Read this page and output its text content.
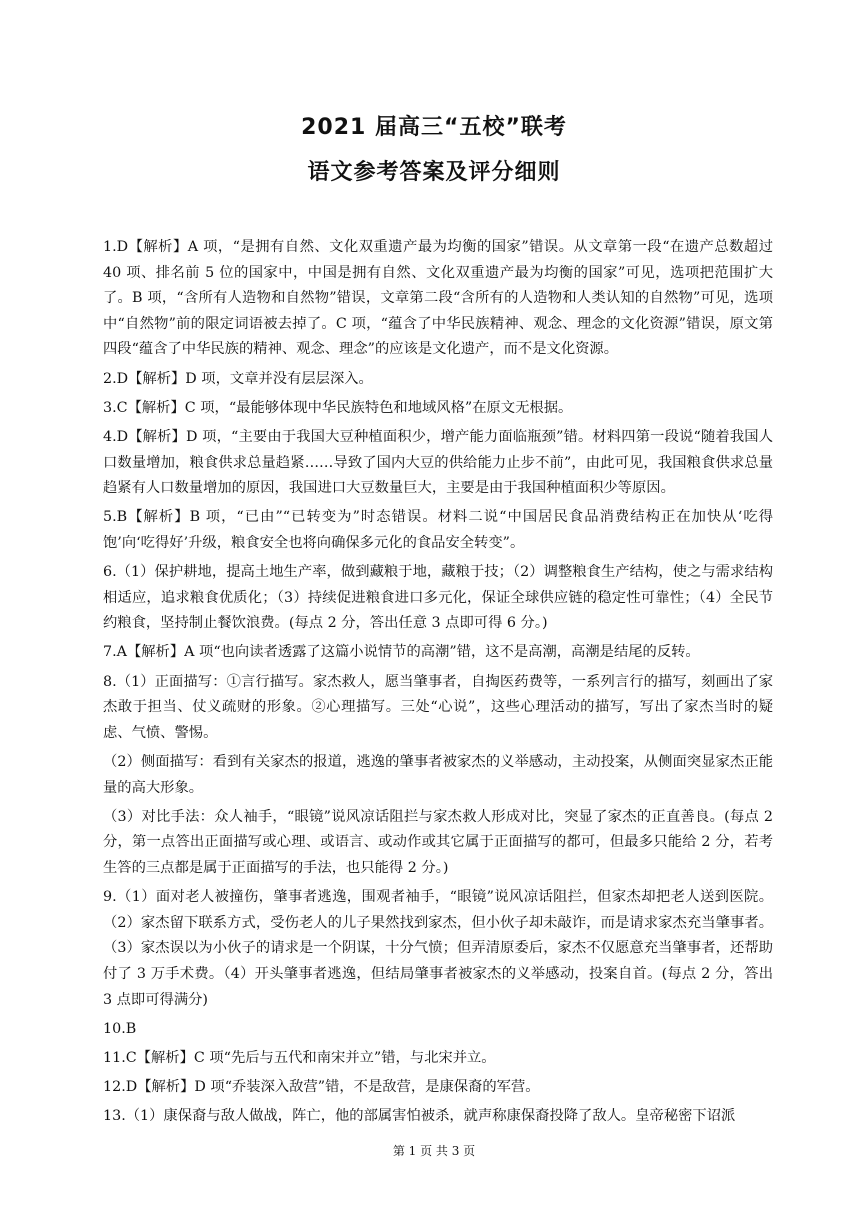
2021 届高三“五校”联考
语文参考答案及评分细则

1.D【解析】A 项，“是拥有自然、文化双重遗产最为均衡的国家”错误。从文章第一段“在遗产总数超过 40 项、排名前 5 位的国家中，中国是拥有自然、文化双重遗产最为均衡的国家”可见，选项把范围扩大了。B 项，“含所有人造物和自然物”错误，文章第二段“含所有的人造物和人类认知的自然物”可见，选项中“自然物”前的限定词语被去掉了。C 项，“蕴含了中华民族精神、观念、理念的文化资源”错误，原文第四段“蕴含了中华民族的精神、观念、理念”的应该是文化遗产，而不是文化资源。

2.D【解析】D 项，文章并没有层层深入。

3.C【解析】C 项，“最能够体现中华民族特色和地域风格”在原文无根据。

4.D【解析】D 项，“主要由于我国大豆种植面积少，增产能力面临瓶颈”错。材料四第一段说“随着我国人口数量增加，粮食供求总量趋紧……导致了国内大豆的供给能力止步不前”，由此可见，我国粮食供求总量趋紧有人口数量增加的原因，我国进口大豆数量巨大，主要是由于我国种植面积少等原因。

5.B【解析】B 项，“已由”“已转变为”时态错误。材料二说“中国居民食品消费结构正在加快从‘吃得饱’向‘吃得好’升级，粮食安全也将向确保多元化的食品安全转变”。

6.（1）保护耕地，提高土地生产率，做到藏粮于地，藏粮于技；（2）调整粮食生产结构，使之与需求结构相适应，追求粮食优质化；（3）持续促进粮食进口多元化，保证全球供应链的稳定性可靠性；（4）全民节约粮食，坚持制止餐饮浪费。(每点 2 分，答出任意 3 点即可得 6 分。)

7.A【解析】A 项“也向读者透露了这篇小说情节的高潮”错，这不是高潮，高潮是结尾的反转。

8.（1）正面描写：①言行描写。家杰救人，愿当肇事者，自掏医药费等，一系列言行的描写，刻画出了家杰敢于担当、仗义疏财的形象。②心理描写。三处“心说”，这些心理活动的描写，写出了家杰当时的疑虑、气愤、警惕。

（2）侧面描写：看到有关家杰的报道，逃逸的肇事者被家杰的义举感动，主动投案，从侧面突显家杰正能量的高大形象。

（3）对比手法：众人袖手，“眼镜”说风凉话阻拦与家杰救人形成对比，突显了家杰的正直善良。(每点 2 分，第一点答出正面描写或心理、或语言、或动作或其它属于正面描写的都可，但最多只能给 2 分，若考生答的三点都是属于正面描写的手法，也只能得 2 分。)

9.（1）面对老人被撞伤，肇事者逃逸，围观者袖手，“眼镜”说风凉话阻拦，但家杰却把老人送到医院。（2）家杰留下联系方式，受伤老人的儿子果然找到家杰，但小伙子却未敲诈，而是请求家杰充当肇事者。（3）家杰误以为小伙子的请求是一个阴谋，十分气愤；但弄清原委后，家杰不仅愿意充当肇事者，还帮助付了 3 万手术费。（4）开头肇事者逃逸，但结局肇事者被家杰的义举感动，投案自首。(每点 2 分，答出 3 点即可得满分)

10.B

11.C【解析】C 项“先后与五代和南宋并立”错，与北宋并立。

12.D【解析】D 项“乔装深入敌营”错，不是敌营，是康保裔的军营。

13.（1）康保裔与敌人做战，阵亡，他的部属害怕被杀，就声称康保裔投降了敌人。皇帝秘密下诏派

第 1 页 共 3 页
